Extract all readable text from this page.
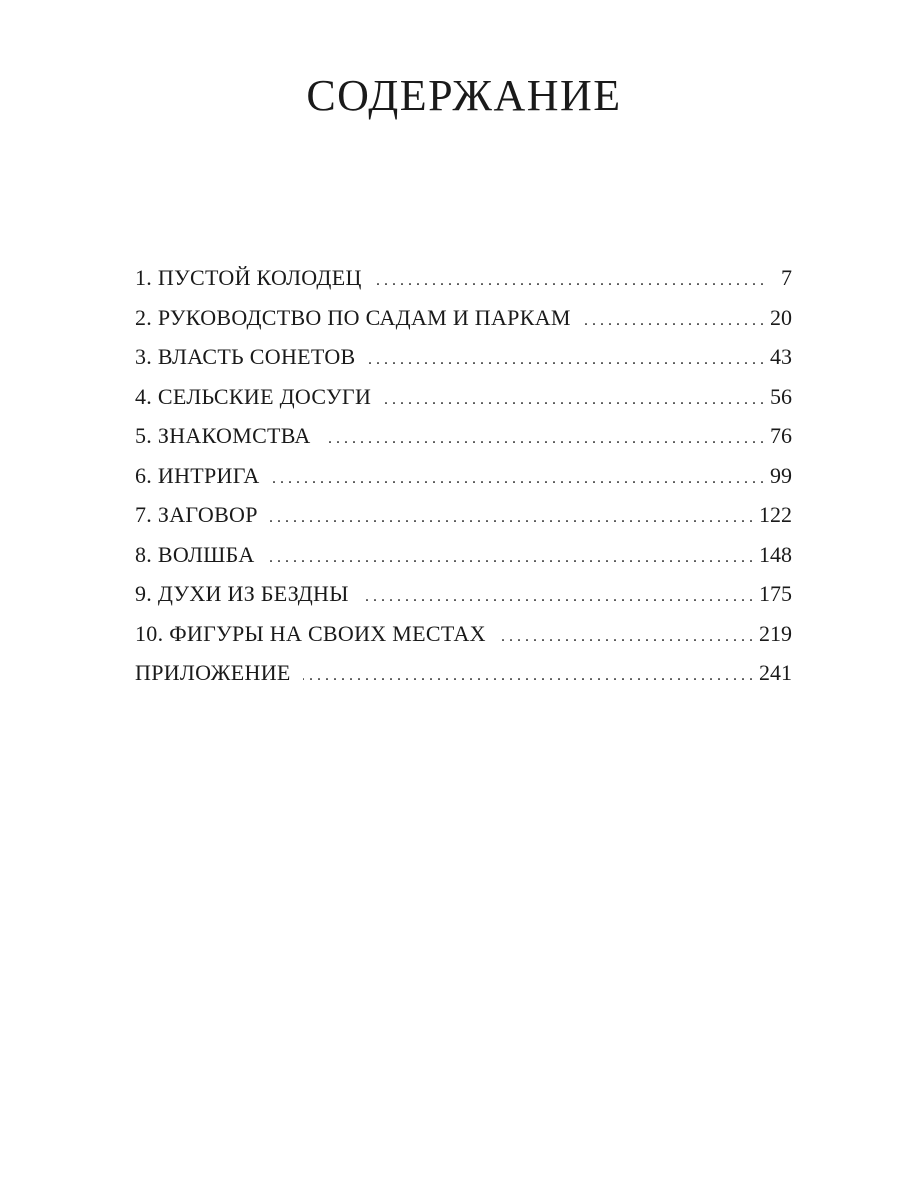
СОДЕРЖАНИЕ
1. ПУСТОЙ КОЛОДЕЦ . . .	7
2. РУКОВОДСТВО ПО САДАМ И ПАРКАМ . . .	20
3. ВЛАСТЬ СОНЕТОВ . . .	43
4. СЕЛЬСКИЕ ДОСУГИ . . .	56
5. ЗНАКОМСТВА . . .	76
6. ИНТРИГА . . .	99
7. ЗАГОВОР . . .	122
8. ВОЛШБА . . .	148
9. ДУХИ ИЗ БЕЗДНЫ . . .	175
10. ФИГУРЫ НА СВОИХ МЕСТАХ . . .	219
ПРИЛОЖЕНИЕ . . .	241
